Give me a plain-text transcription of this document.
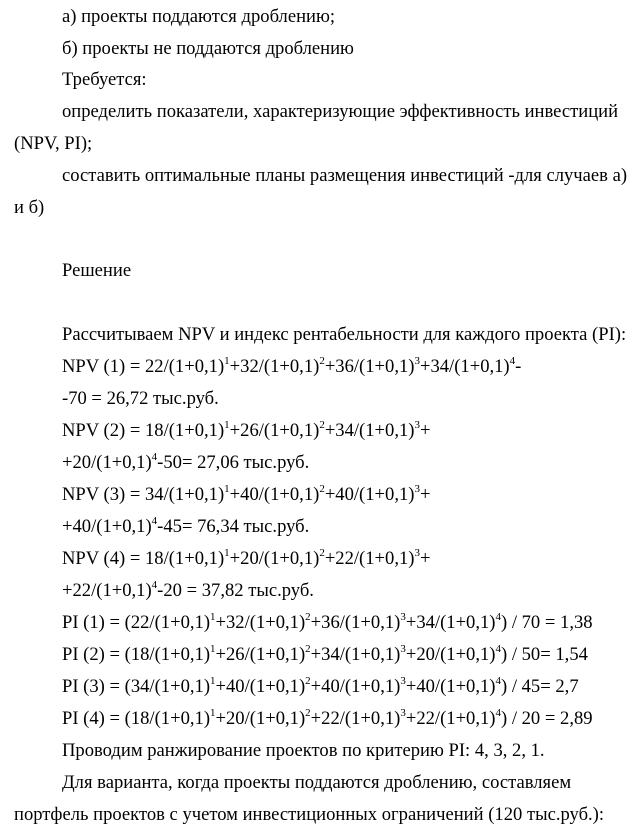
а) проекты поддаются дроблению;
б) проекты не поддаются дроблению
Требуется:
определить показатели, характеризующие эффективность инвестиций
(NPV, PI);
составить оптимальные планы размещения инвестиций -для случаев а)
и б)
Решение
Рассчитываем NPV и индекс рентабельности для каждого проекта (PI):
NPV $(1) = 22/(1+0,1)^1+32/(1+0,1)^2+36/(1+0,1)^3+34/(1+0,1)^4-$
-70 = 26,72 тыс.руб.
NPV $(2) = 18/(1+0,1)^1+26/(1+0,1)^2+34/(1+0,1)^3+$
$+20/(1+0,1)^4-50= 27,06$ тыс.руб.
NPV $(3) = 34/(1+0,1)^1+40/(1+0,1)^2+40/(1+0,1)^3+$
$+40/(1+0,1)^4-45= 76,34$ тыс.руб.
NPV $(4) = 18/(1+0,1)^1+20/(1+0,1)^2+22/(1+0,1)^3+$
$+22/(1+0,1)^4-20 = 37,82$ тыс.руб.
PI $(1) = (22/(1+0,1)^1+32/(1+0,1)^2+36/(1+0,1)^3+34/(1+0,1)^4) / 70 = 1,38$
PI $(2) = (18/(1+0,1)^1+26/(1+0,1)^2+34/(1+0,1)^3+20/(1+0,1)^4) / 50= 1,54$
PI $(3) = (34/(1+0,1)^1+40/(1+0,1)^2+40/(1+0,1)^3+40/(1+0,1)^4) / 45= 2,7$
PI $(4) = (18/(1+0,1)^1+20/(1+0,1)^2+22/(1+0,1)^3+22/(1+0,1)^4) / 20 = 2,89$
Проводим ранжирование проектов по критерию PI: 4, 3, 2, 1.
Для варианта, когда проекты поддаются дроблению, составляем
портфель проектов с учетом инвестиционных ограничений (120 тыс.руб.):
